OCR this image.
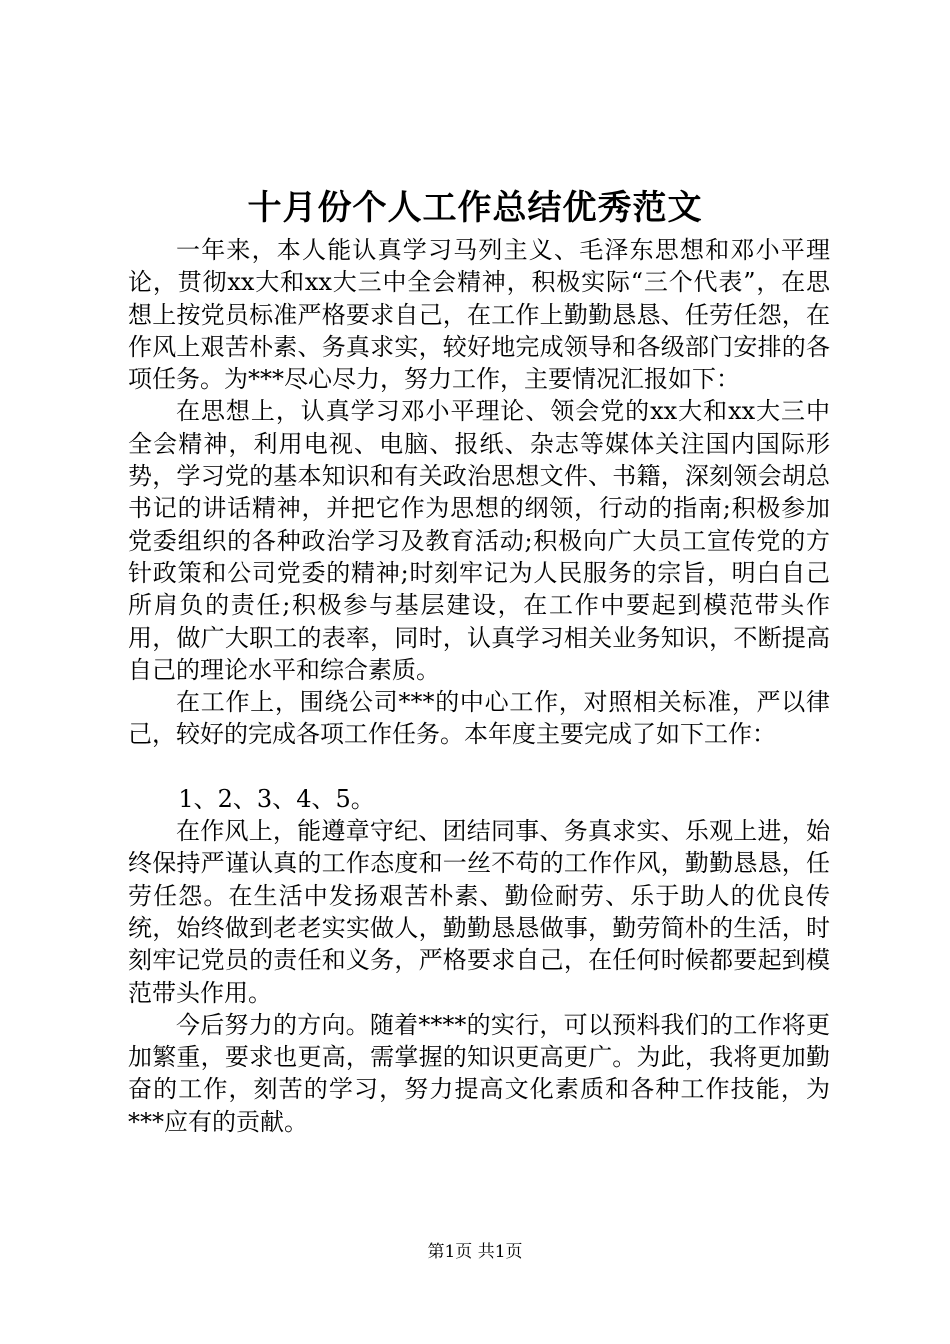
十月份个人工作总结优秀范文

一年来，本人能认真学习马列主义、毛泽东思想和邓小平理论，贯彻xx大和xx大三中全会精神，积极实际“三个代表”，在思想上按党员标准严格要求自己，在工作上勤勤恳恳、任劳任怨，在作风上艰苦朴素、务真求实，较好地完成领导和各级部门安排的各项任务。为***尽心尽力，努力工作，主要情况汇报如下：

在思想上，认真学习邓小平理论、领会党的xx大和xx大三中全会精神，利用电视、电脑、报纸、杂志等媒体关注国内国际形势，学习党的基本知识和有关政治思想文件、书籍，深刻领会胡总书记的讲话精神，并把它作为思想的纲领，行动的指南;积极参加党委组织的各种政治学习及教育活动;积极向广大员工宣传党的方针政策和公司党委的精神;时刻牢记为人民服务的宗旨，明白自己所肩负的责任;积极参与基层建设，在工作中要起到模范带头作用，做广大职工的表率，同时，认真学习相关业务知识，不断提高自己的理论水平和综合素质。

在工作上，围绕公司***的中心工作，对照相关标准，严以律己，较好的完成各项工作任务。本年度主要完成了如下工作：

1、2、3、4、5。

在作风上，能遵章守纪、团结同事、务真求实、乐观上进，始终保持严谨认真的工作态度和一丝不苟的工作作风，勤勤恳恳，任劳任怨。在生活中发扬艰苦朴素、勤俭耐劳、乐于助人的优良传统，始终做到老老实实做人，勤勤恳恳做事，勤劳简朴的生活，时刻牢记党员的责任和义务，严格要求自己，在任何时候都要起到模范带头作用。

今后努力的方向。随着****的实行，可以预料我们的工作将更加繁重，要求也更高，需掌握的知识更高更广。为此，我将更加勤奋的工作，刻苦的学习，努力提高文化素质和各种工作技能，为***应有的贡献。

第1页 共1页
